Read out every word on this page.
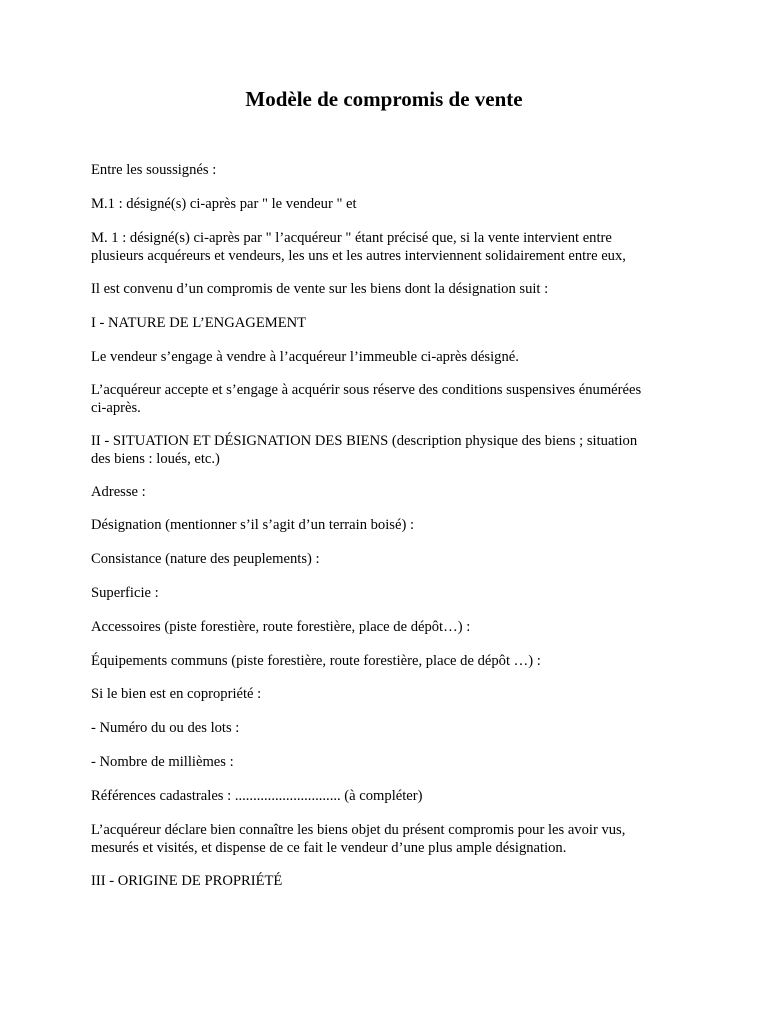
Modèle de compromis de vente

Entre les soussignés :

M.1 : désigné(s) ci-après par " le vendeur " et

M. 1 : désigné(s) ci-après par " l’acquéreur " étant précisé que, si la vente intervient entre
plusieurs acquéreurs et vendeurs, les uns et les autres interviennent solidairement entre eux,

Il est convenu d’un compromis de vente sur les biens dont la désignation suit :

I - NATURE DE L’ENGAGEMENT

Le vendeur s’engage à vendre à l’acquéreur l’immeuble ci-après désigné.

L’acquéreur accepte et s’engage à acquérir sous réserve des conditions suspensives énumérées
ci-après.

II - SITUATION ET DÉSIGNATION DES BIENS (description physique des biens ; situation
des biens : loués, etc.)

Adresse :

Désignation (mentionner s’il s’agit d’un terrain boisé) :

Consistance (nature des peuplements) :

Superficie :

Accessoires (piste forestière, route forestière, place de dépôt…) :

Équipements communs (piste forestière, route forestière, place de dépôt …) :

Si le bien est en copropriété :

- Numéro du ou des lots :

- Nombre de millièmes :

Références cadastrales : ............................. (à compléter)

L’acquéreur déclare bien connaître les biens objet du présent compromis pour les avoir vus,
mesurés et visités, et dispense de ce fait le vendeur d’une plus ample désignation.

III - ORIGINE DE PROPRIÉTÉ
